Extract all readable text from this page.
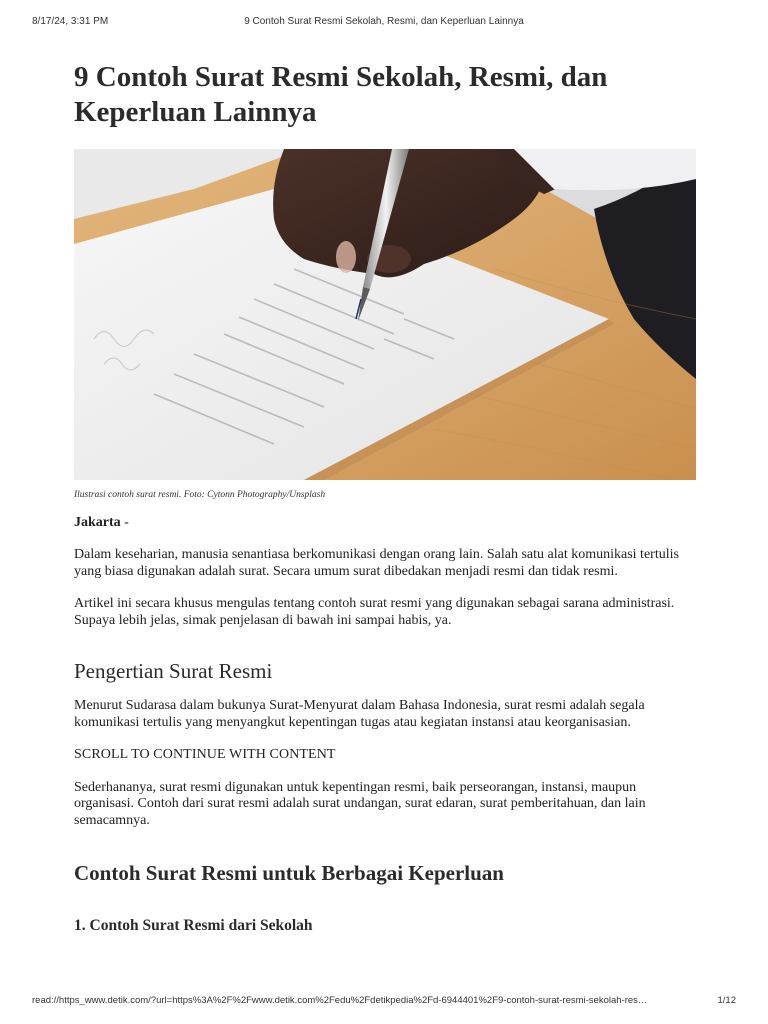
8/17/24, 3:31 PM	9 Contoh Surat Resmi Sekolah, Resmi, dan Keperluan Lainnya
9 Contoh Surat Resmi Sekolah, Resmi, dan Keperluan Lainnya
Ilustrasi contoh surat resmi. Foto: Cytonn Photography/Unsplash
Jakarta -

Dalam keseharian, manusia senantiasa berkomunikasi dengan orang lain. Salah satu alat komunikasi tertulis yang biasa digunakan adalah surat. Secara umum surat dibedakan menjadi resmi dan tidak resmi.

Artikel ini secara khusus mengulas tentang contoh surat resmi yang digunakan sebagai sarana administrasi. Supaya lebih jelas, simak penjelasan di bawah ini sampai habis, ya.

Pengertian Surat Resmi

Menurut Sudarasa dalam bukunya Surat-Menyurat dalam Bahasa Indonesia, surat resmi adalah segala komunikasi tertulis yang menyangkut kepentingan tugas atau kegiatan instansi atau keorganisasian.

SCROLL TO CONTINUE WITH CONTENT

Sederhananya, surat resmi digunakan untuk kepentingan resmi, baik perseorangan, instansi, maupun organisasi. Contoh dari surat resmi adalah surat undangan, surat edaran, surat pemberitahuan, dan lain semacamnya.

Contoh Surat Resmi untuk Berbagai Keperluan
1. Contoh Surat Resmi dari Sekolah
read://https_www.detik.com/?url=https%3A%2F%2Fwww.detik.com%2Fedu%2Fdetikpedia%2Fd-6944401%2F9-contoh-surat-resmi-sekolah-res…	1/12
